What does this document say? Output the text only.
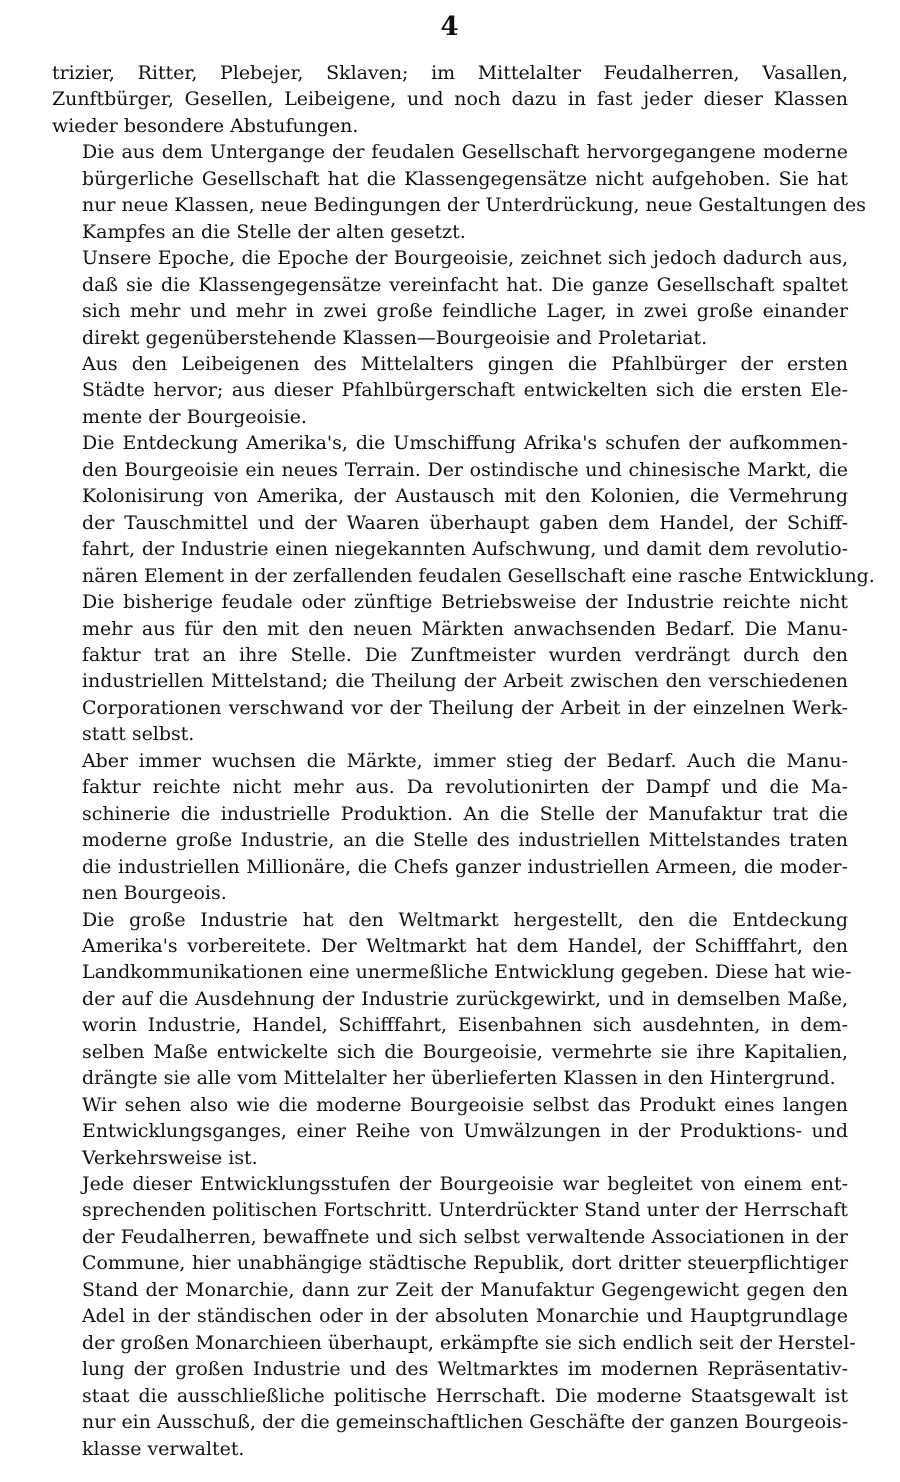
4
trizier, Ritter, Plebejer, Sklaven; im Mittelalter Feudalherren, Vasallen,
Zunftbürger, Gesellen, Leibeigene, und noch dazu in fast jeder dieser Klassen
wieder besondere Abstufungen.
Die aus dem Untergange der feudalen Gesellschaft hervorgegangene moderne
bürgerliche Gesellschaft hat die Klassengegensätze nicht aufgehoben. Sie hat
nur neue Klassen, neue Bedingungen der Unterdrückung, neue Gestaltungen des
Kampfes an die Stelle der alten gesetzt.
Unsere Epoche, die Epoche der Bourgeoisie, zeichnet sich jedoch dadurch aus,
daß sie die Klassengegensätze vereinfacht hat. Die ganze Gesellschaft spaltet
sich mehr und mehr in zwei große feindliche Lager, in zwei große einander
direkt gegenüberstehende Klassen—Bourgeoisie and Proletariat.
Aus den Leibeigenen des Mittelalters gingen die Pfahlbürger der ersten
Städte hervor; aus dieser Pfahlbürgerschaft entwickelten sich die ersten Ele-
mente der Bourgeoisie.
Die Entdeckung Amerika's, die Umschiffung Afrika's schufen der aufkommen-
den Bourgeoisie ein neues Terrain. Der ostindische und chinesische Markt, die
Kolonisirung von Amerika, der Austausch mit den Kolonien, die Vermehrung
der Tauschmittel und der Waaren überhaupt gaben dem Handel, der Schiff-
fahrt, der Industrie einen niegekannten Aufschwung, und damit dem revolutio-
nären Element in der zerfallenden feudalen Gesellschaft eine rasche Entwicklung.
Die bisherige feudale oder zünftige Betriebsweise der Industrie reichte nicht
mehr aus für den mit den neuen Märkten anwachsenden Bedarf. Die Manu-
faktur trat an ihre Stelle. Die Zunftmeister wurden verdrängt durch den
industriellen Mittelstand; die Theilung der Arbeit zwischen den verschiedenen
Corporationen verschwand vor der Theilung der Arbeit in der einzelnen Werk-
statt selbst.
Aber immer wuchsen die Märkte, immer stieg der Bedarf. Auch die Manu-
faktur reichte nicht mehr aus. Da revolutionirten der Dampf und die Ma-
schinerie die industrielle Produktion. An die Stelle der Manufaktur trat die
moderne große Industrie, an die Stelle des industriellen Mittelstandes traten
die industriellen Millionäre, die Chefs ganzer industriellen Armeen, die moder-
nen Bourgeois.
Die große Industrie hat den Weltmarkt hergestellt, den die Entdeckung
Amerika's vorbereitete. Der Weltmarkt hat dem Handel, der Schifffahrt, den
Landkommunikationen eine unermeßliche Entwicklung gegeben. Diese hat wie-
der auf die Ausdehnung der Industrie zurückgewirkt, und in demselben Maße,
worin Industrie, Handel, Schifffahrt, Eisenbahnen sich ausdehnten, in dem-
selben Maße entwickelte sich die Bourgeoisie, vermehrte sie ihre Kapitalien,
drängte sie alle vom Mittelalter her überlieferten Klassen in den Hintergrund.
Wir sehen also wie die moderne Bourgeoisie selbst das Produkt eines langen
Entwicklungsganges, einer Reihe von Umwälzungen in der Produktions- und
Verkehrsweise ist.
Jede dieser Entwicklungsstufen der Bourgeoisie war begleitet von einem ent-
sprechenden politischen Fortschritt. Unterdrückter Stand unter der Herrschaft
der Feudalherren, bewaffnete und sich selbst verwaltende Associationen in der
Commune, hier unabhängige städtische Republik, dort dritter steuerpflichtiger
Stand der Monarchie, dann zur Zeit der Manufaktur Gegengewicht gegen den
Adel in der ständischen oder in der absoluten Monarchie und Hauptgrundlage
der großen Monarchieen überhaupt, erkämpfte sie sich endlich seit der Herstel-
lung der großen Industrie und des Weltmarktes im modernen Repräsentativ-
staat die ausschließliche politische Herrschaft. Die moderne Staatsgewalt ist
nur ein Ausschuß, der die gemeinschaftlichen Geschäfte der ganzen Bourgeois-
klasse verwaltet.
